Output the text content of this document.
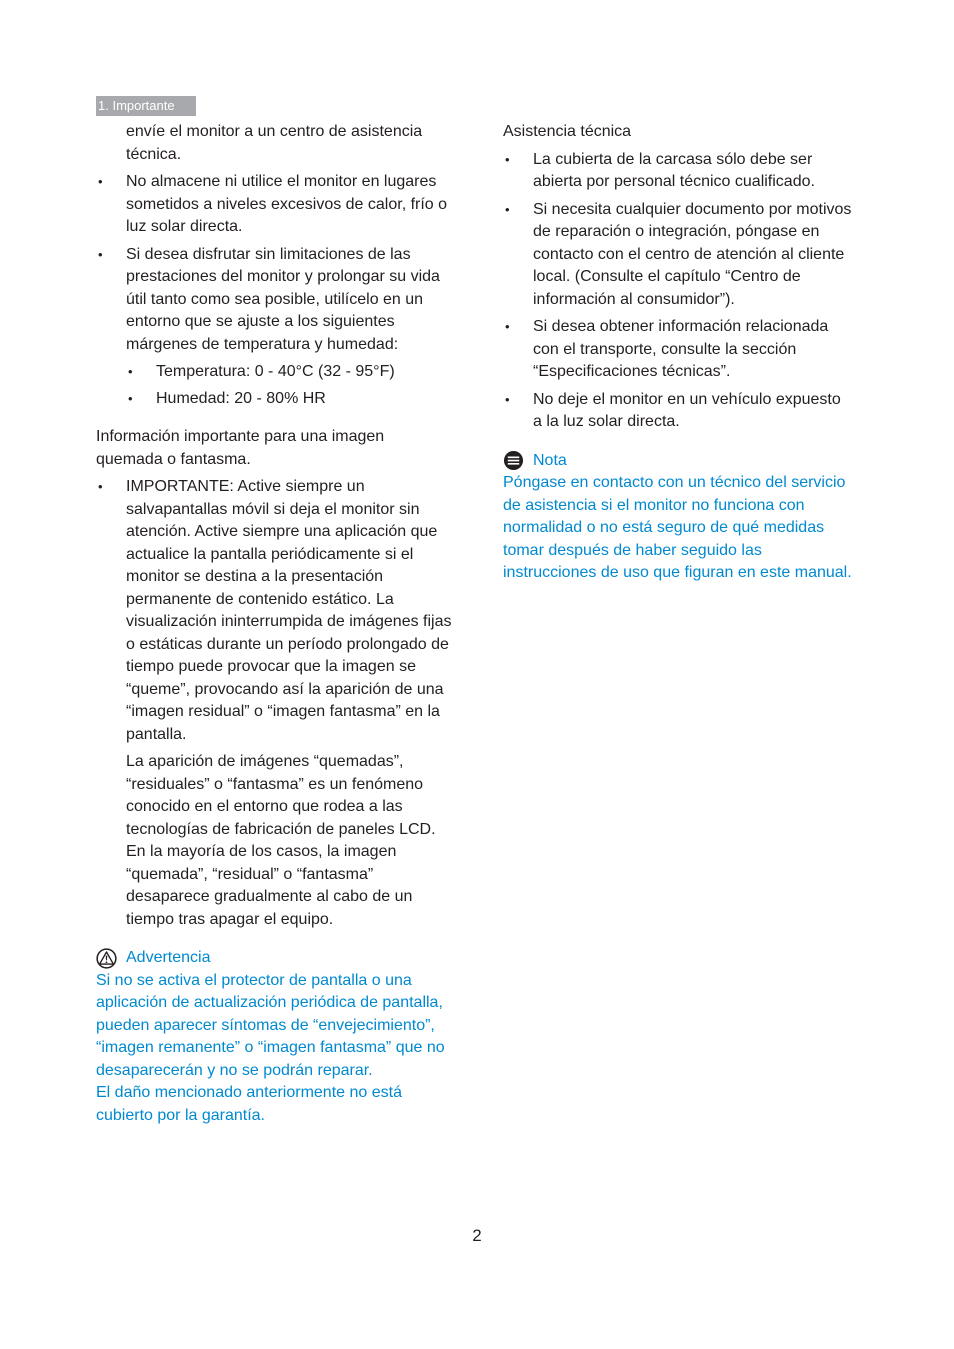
1. Importante
envíe el monitor a un centro de asistencia técnica.
• No almacene ni utilice el monitor en lugares sometidos a niveles excesivos de calor, frío o luz solar directa.
• Si desea disfrutar sin limitaciones de las prestaciones del monitor y prolongar su vida útil tanto como sea posible, utilícelo en un entorno que se ajuste a los siguientes márgenes de temperatura y humedad:
• Temperatura: 0 - 40°C (32 - 95°F)
• Humedad: 20 - 80% HR
Información importante para una imagen quemada o fantasma.
• IMPORTANTE: Active siempre un salvapantallas móvil si deja el monitor sin atención. Active siempre una aplicación que actualice la pantalla periódicamente si el monitor se destina a la presentación permanente de contenido estático. La visualización ininterrumpida de imágenes fijas o estáticas durante un período prolongado de tiempo puede provocar que la imagen se “queme”, provocando así la aparición de una “imagen residual” o “imagen fantasma” en la pantalla.
La aparición de imágenes “quemadas”, “residuales” o “fantasma” es un fenómeno conocido en el entorno que rodea a las tecnologías de fabricación de paneles LCD. En la mayoría de los casos, la imagen “quemada”, “residual” o “fantasma” desaparece gradualmente al cabo de un tiempo tras apagar el equipo.
Advertencia
Si no se activa el protector de pantalla o una aplicación de actualización periódica de pantalla, pueden aparecer síntomas de “envejecimiento”, “imagen remanente” o “imagen fantasma” que no desaparecerán y no se podrán reparar.
El daño mencionado anteriormente no está cubierto por la garantía.
Asistencia técnica
• La cubierta de la carcasa sólo debe ser abierta por personal técnico cualificado.
• Si necesita cualquier documento por motivos de reparación o integración, póngase en contacto con el centro de atención al cliente local. (Consulte el capítulo “Centro de información al consumidor”).
• Si desea obtener información relacionada con el transporte, consulte la sección “Especificaciones técnicas”.
• No deje el monitor en un vehículo expuesto a la luz solar directa.
Nota
Póngase en contacto con un técnico del servicio de asistencia si el monitor no funciona con normalidad o no está seguro de qué medidas tomar después de haber seguido las instrucciones de uso que figuran en este manual.
2
